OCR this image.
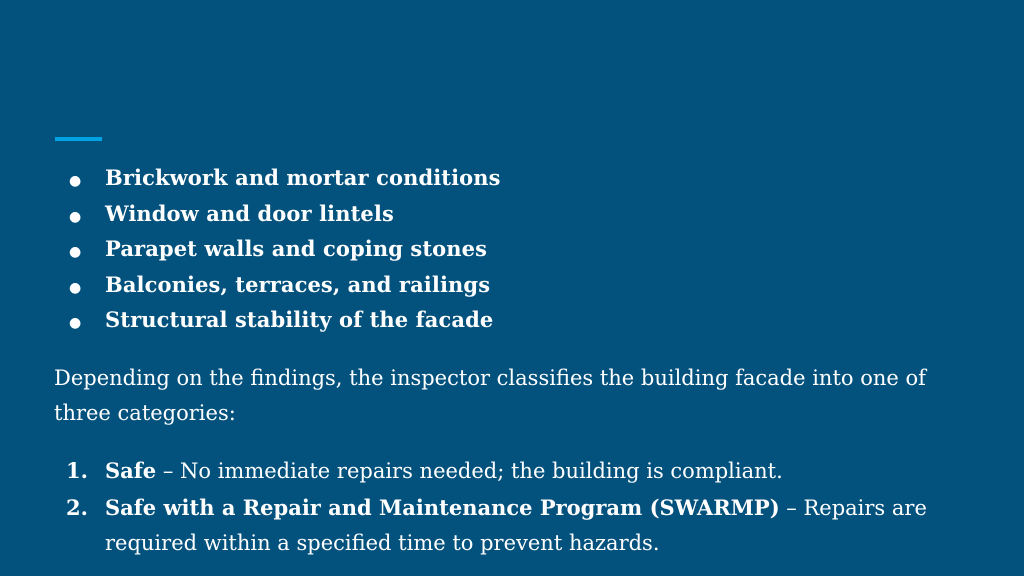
●	Brickwork and mortar conditions
●	Window and door lintels
●	Parapet walls and coping stones
●	Balconies, terraces, and railings
●	Structural stability of the facade

Depending on the findings, the inspector classifies the building facade into one of three categories:

1. Safe – No immediate repairs needed; the building is compliant.
2. Safe with a Repair and Maintenance Program (SWARMP) – Repairs are required within a specified time to prevent hazards.
